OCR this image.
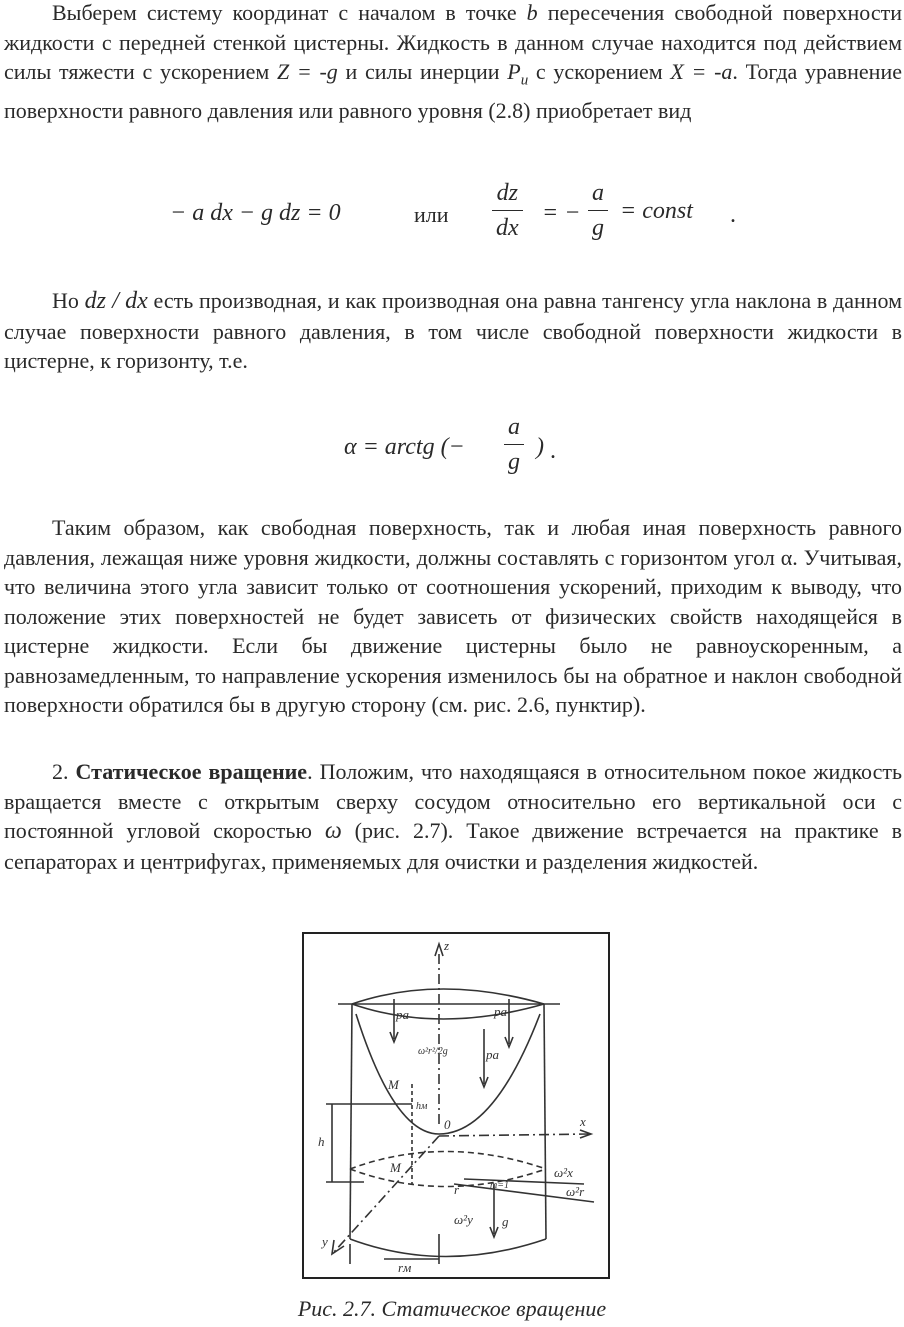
Выберем систему координат с началом в точке b пересечения свободной поверхности жидкости с передней стенкой цистерны. Жидкость в данном случае находится под действием силы тяжести с ускорением Z = -g и силы инерции $P_и$ с ускорением X = -a. Тогда уравнение поверхности равного давления или равного уровня (2.8) приобретает вид

− a dx − g dz = 0	или $\frac{dz}{dx}$ = − $\frac{a}{g}$ = const .

Но dz / dx есть производная, и как производная она равна тангенсу угла наклона в данном случае поверхности равного давления, в том числе свободной поверхности жидкости в цистерне, к горизонту, т.е.

α = arctg (− $\frac{a}{g}$ ) .

Таким образом, как свободная поверхность, так и любая иная поверхность равного давления, лежащая ниже уровня жидкости, должны составлять с горизонтом угол α. Учитывая, что величина этого угла зависит только от соотношения ускорений, приходим к выводу, что положение этих поверхностей не будет зависеть от физических свойств находящейся в цистерне жидкости. Если бы движение цистерны было не равноускоренным, а равнозамедленным, то направление ускорения изменилось бы на обратное и наклон свободной поверхности обратился бы в другую сторону (см. рис. 2.6, пунктир).

2. Статическое вращение. Положим, что находящаяся в относительном покое жидкость вращается вместе с открытым сверху сосудом относительно его вертикальной оси с постоянной угловой скоростью ω (рис. 2.7). Такое движение встречается на практике в сепараторах и центрифугах, применяемых для очистки и разделения жидкостей.

z
x
y
0
pa	pa
pa
M
M
h
hм
ω²r²/2g
ω²x
ω²r
ω²y g
r	m=1
rм
Рис. 2.7. Статическое вращение
